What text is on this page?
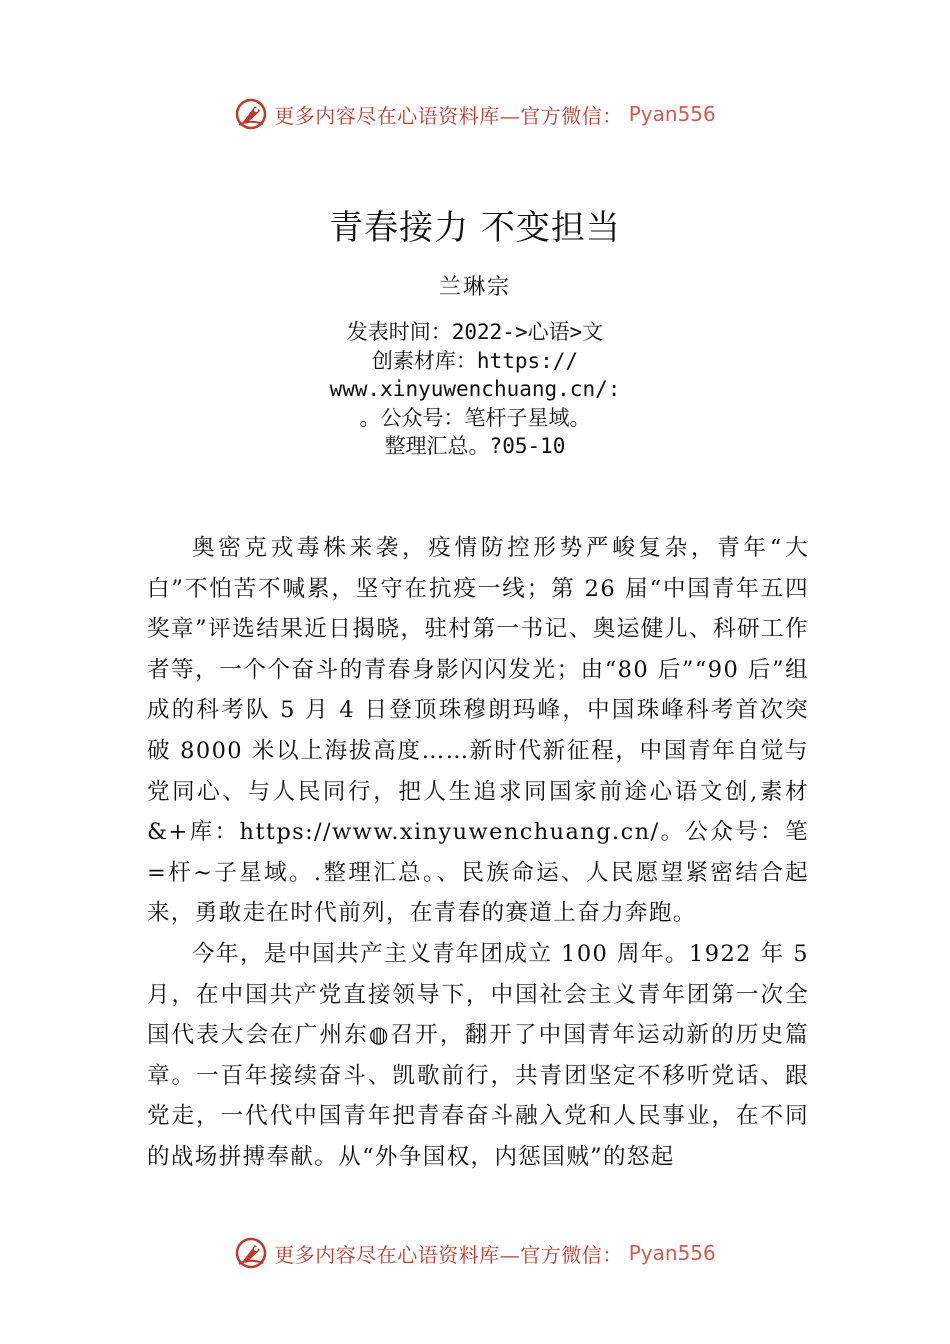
更多内容尽在心语资料库—官方微信： Pyan556
青春接力 不变担当
兰琳宗
发表时间：2022->心语>文
创素材库：https://
www.xinyuwenchuang.cn/:
。公众号：笔杆子星域。
整理汇总。?05-10

奥密克戎毒株来袭，疫情防控形势严峻复杂，青年“大白”不怕苦不喊累，坚守在抗疫一线；第 26 届“中国青年五四奖章”评选结果近日揭晓，驻村第一书记、奥运健儿、科研工作者等，一个个奋斗的青春身影闪闪发光；由“80 后”“90 后”组成的科考队 5 月 4 日登顶珠穆朗玛峰，中国珠峰科考首次突破 8000 米以上海拔高度……新时代新征程，中国青年自觉与党同心、与人民同行，把人生追求同国家前途心语文创,素材&+库：https://www.xinyuwenchuang.cn/。公众号：笔=杆~子星域。.整理汇总。、民族命运、人民愿望紧密结合起来，勇敢走在时代前列，在青春的赛道上奋力奔跑。

今年，是中国共产主义青年团成立 100 周年。1922 年 5 月，在中国共产党直接领导下，中国社会主义青年团第一次全国代表大会在广州东◍召开，翻开了中国青年运动新的历史篇章。一百年接续奋斗、凯歌前行，共青团坚定不移听党话、跟党走，一代代中国青年把青春奋斗融入党和人民事业，在不同的战场拼搏奉献。从“外争国权，内惩国贼”的怒起

更多内容尽在心语资料库—官方微信： Pyan556
